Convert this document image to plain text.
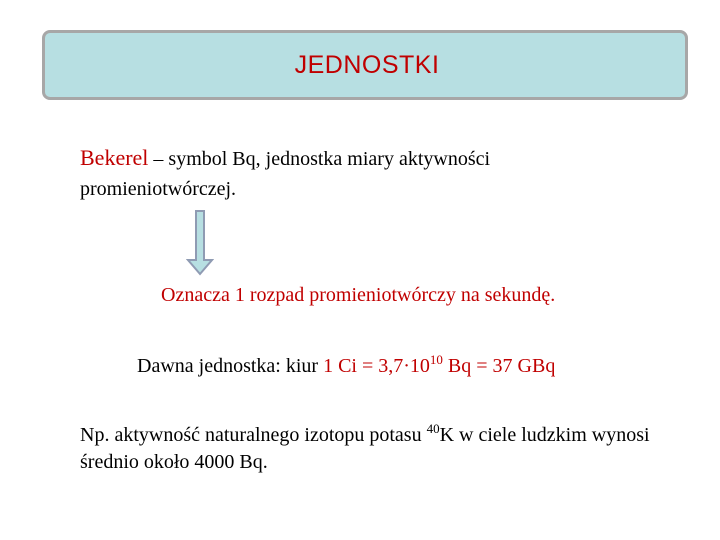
JEDNOSTKI
Bekerel – symbol Bq, jednostka miary aktywności
promieniotwórczej.
Oznacza 1 rozpad promieniotwórczy na sekundę.
Dawna jednostka: kiur 1 $Ci = 3,7\cdot 10^{10}$ Bq = 37 GBq
Np. aktywność naturalnego izotopu potasu $^{40}$K w ciele ludzkim wynosi średnio około 4000 Bq.
